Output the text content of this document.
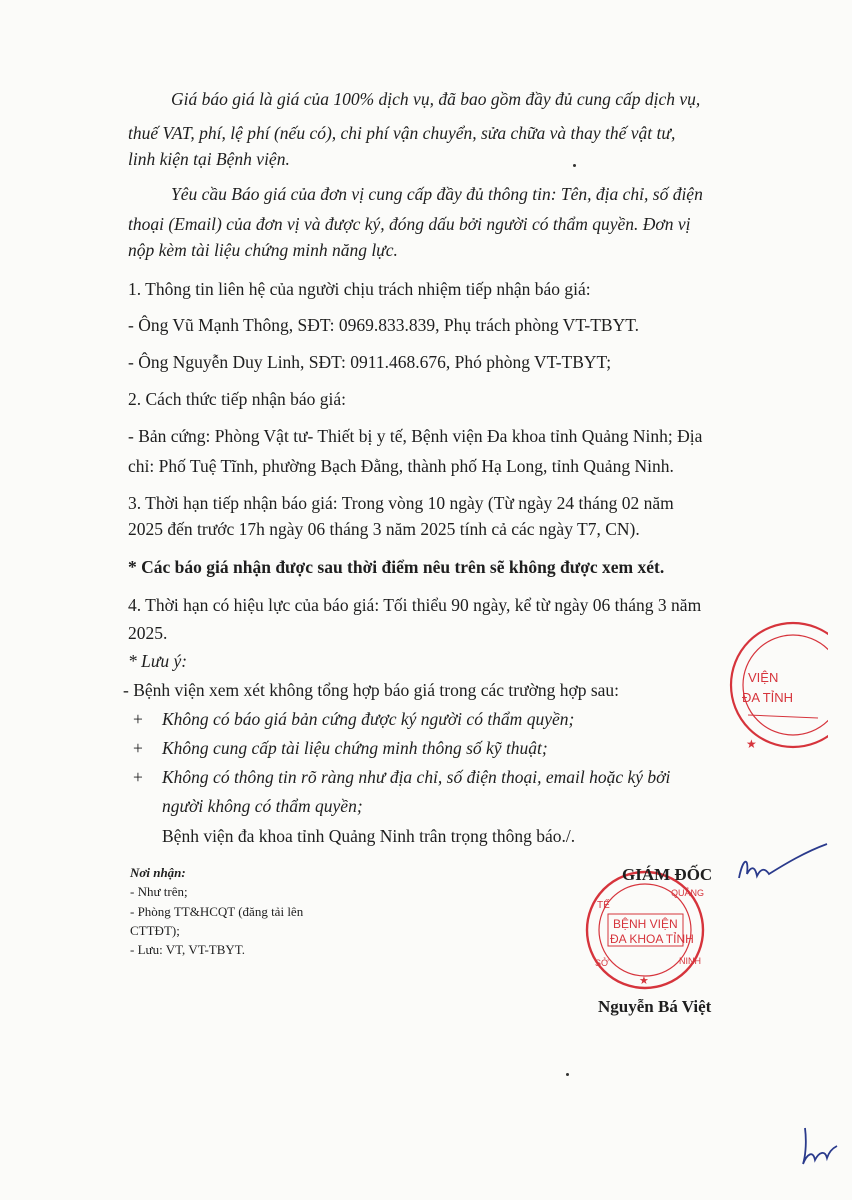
Giá báo giá là giá của 100% dịch vụ, đã bao gồm đầy đủ cung cấp dịch vụ,
thuế VAT, phí, lệ phí (nếu có), chi phí vận chuyển, sửa chữa và thay thế vật tư,
linh kiện tại Bệnh viện.
Yêu cầu Báo giá của đơn vị cung cấp đầy đủ thông tin: Tên, địa chỉ, số điện
thoại (Email) của đơn vị và được ký, đóng dấu bởi người có thẩm quyền. Đơn vị
nộp kèm tài liệu chứng minh năng lực.
1. Thông tin liên hệ của người chịu trách nhiệm tiếp nhận báo giá:
- Ông Vũ Mạnh Thông, SĐT: 0969.833.839, Phụ trách phòng VT-TBYT.
- Ông Nguyễn Duy Linh, SĐT: 0911.468.676, Phó phòng VT-TBYT;
2. Cách thức tiếp nhận báo giá:
- Bản cứng: Phòng Vật tư- Thiết bị y tế, Bệnh viện Đa khoa tỉnh Quảng Ninh; Địa
chỉ: Phố Tuệ Tĩnh, phường Bạch Đằng, thành phố Hạ Long, tỉnh Quảng Ninh.
3. Thời hạn tiếp nhận báo giá: Trong vòng 10 ngày (Từ ngày 24 tháng 02 năm
2025 đến trước 17h ngày 06 tháng 3 năm 2025 tính cả các ngày T7, CN).
* Các báo giá nhận được sau thời điểm nêu trên sẽ không được xem xét.
4. Thời hạn có hiệu lực của báo giá: Tối thiểu 90 ngày, kể từ ngày 06 tháng 3 năm
2025.
* Lưu ý:
- Bệnh viện xem xét không tổng hợp báo giá trong các trường hợp sau:
+ Không có báo giá bản cứng được ký người có thẩm quyền;
+ Không cung cấp tài liệu chứng minh thông số kỹ thuật;
+ Không có thông tin rõ ràng như địa chỉ, số điện thoại, email hoặc ký bởi
người không có thẩm quyền;
Bệnh viện đa khoa tỉnh Quảng Ninh trân trọng thông báo./.
Nơi nhận:
- Như trên;
- Phòng TT&HCQT (đăng tải lên
CTTĐT);
- Lưu: VT, VT-TBYT.
VIỆN
ĐA TỈNH
★
BỆNH VIỆN
ĐA KHOA TỈNH
TẾ
QUẢNG
SỞ	NINH
★
GIÁM ĐỐC
Nguyễn Bá Việt
